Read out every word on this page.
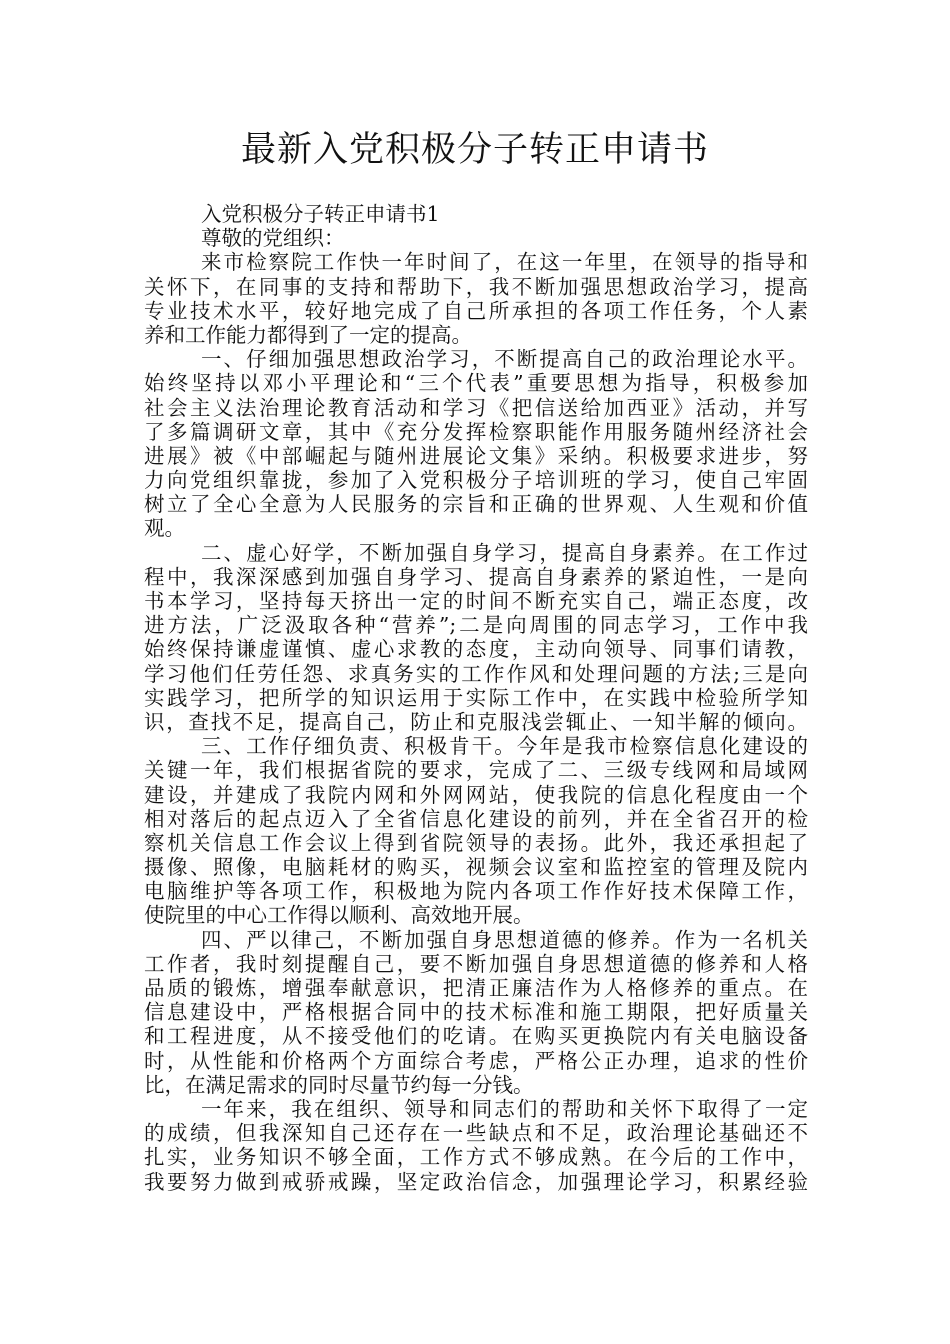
最新入党积极分子转正申请书

入党积极分子转正申请书1

尊敬的党组织：

来市检察院工作快一年时间了，在这一年里，在领导的指导和

关怀下，在同事的支持和帮助下，我不断加强思想政治学习，提高

专业技术水平，较好地完成了自己所承担的各项工作任务，个人素

养和工作能力都得到了一定的提高。

一、仔细加强思想政治学习，不断提高自己的政治理论水平。

始终坚持以邓小平理论和“三个代表”重要思想为指导，积极参加

社会主义法治理论教育活动和学习《把信送给加西亚》活动，并写

了多篇调研文章，其中《充分发挥检察职能作用服务随州经济社会

进展》被《中部崛起与随州进展论文集》采纳。积极要求进步，努

力向党组织靠拢，参加了入党积极分子培训班的学习，使自己牢固

树立了全心全意为人民服务的宗旨和正确的世界观、人生观和价值

观。

二、虚心好学，不断加强自身学习，提高自身素养。在工作过

程中，我深深感到加强自身学习、提高自身素养的紧迫性，一是向

书本学习，坚持每天挤出一定的时间不断充实自己，端正态度，改

进方法，广泛汲取各种“营养”;二是向周围的同志学习，工作中我

始终保持谦虚谨慎、虚心求教的态度，主动向领导、同事们请教，

学习他们任劳任怨、求真务实的工作作风和处理问题的方法;三是向

实践学习，把所学的知识运用于实际工作中，在实践中检验所学知

识，查找不足，提高自己，防止和克服浅尝辄止、一知半解的倾向。

三、工作仔细负责、积极肯干。今年是我市检察信息化建设的

关键一年，我们根据省院的要求，完成了二、三级专线网和局域网

建设，并建成了我院内网和外网网站，使我院的信息化程度由一个

相对落后的起点迈入了全省信息化建设的前列，并在全省召开的检

察机关信息工作会议上得到省院领导的表扬。此外，我还承担起了

摄像、照像，电脑耗材的购买，视频会议室和监控室的管理及院内

电脑维护等各项工作，积极地为院内各项工作作好技术保障工作，

使院里的中心工作得以顺利、高效地开展。

四、严以律己，不断加强自身思想道德的修养。作为一名机关

工作者，我时刻提醒自己，要不断加强自身思想道德的修养和人格

品质的锻炼，增强奉献意识，把清正廉洁作为人格修养的重点。在

信息建设中，严格根据合同中的技术标准和施工期限，把好质量关

和工程进度，从不接受他们的吃请。在购买更换院内有关电脑设备

时，从性能和价格两个方面综合考虑，严格公正办理，追求的性价

比，在满足需求的同时尽量节约每一分钱。

一年来，我在组织、领导和同志们的帮助和关怀下取得了一定

的成绩，但我深知自己还存在一些缺点和不足，政治理论基础还不

扎实，业务知识不够全面，工作方式不够成熟。在今后的工作中，

我要努力做到戒骄戒躁，坚定政治信念，加强理论学习，积累经验
